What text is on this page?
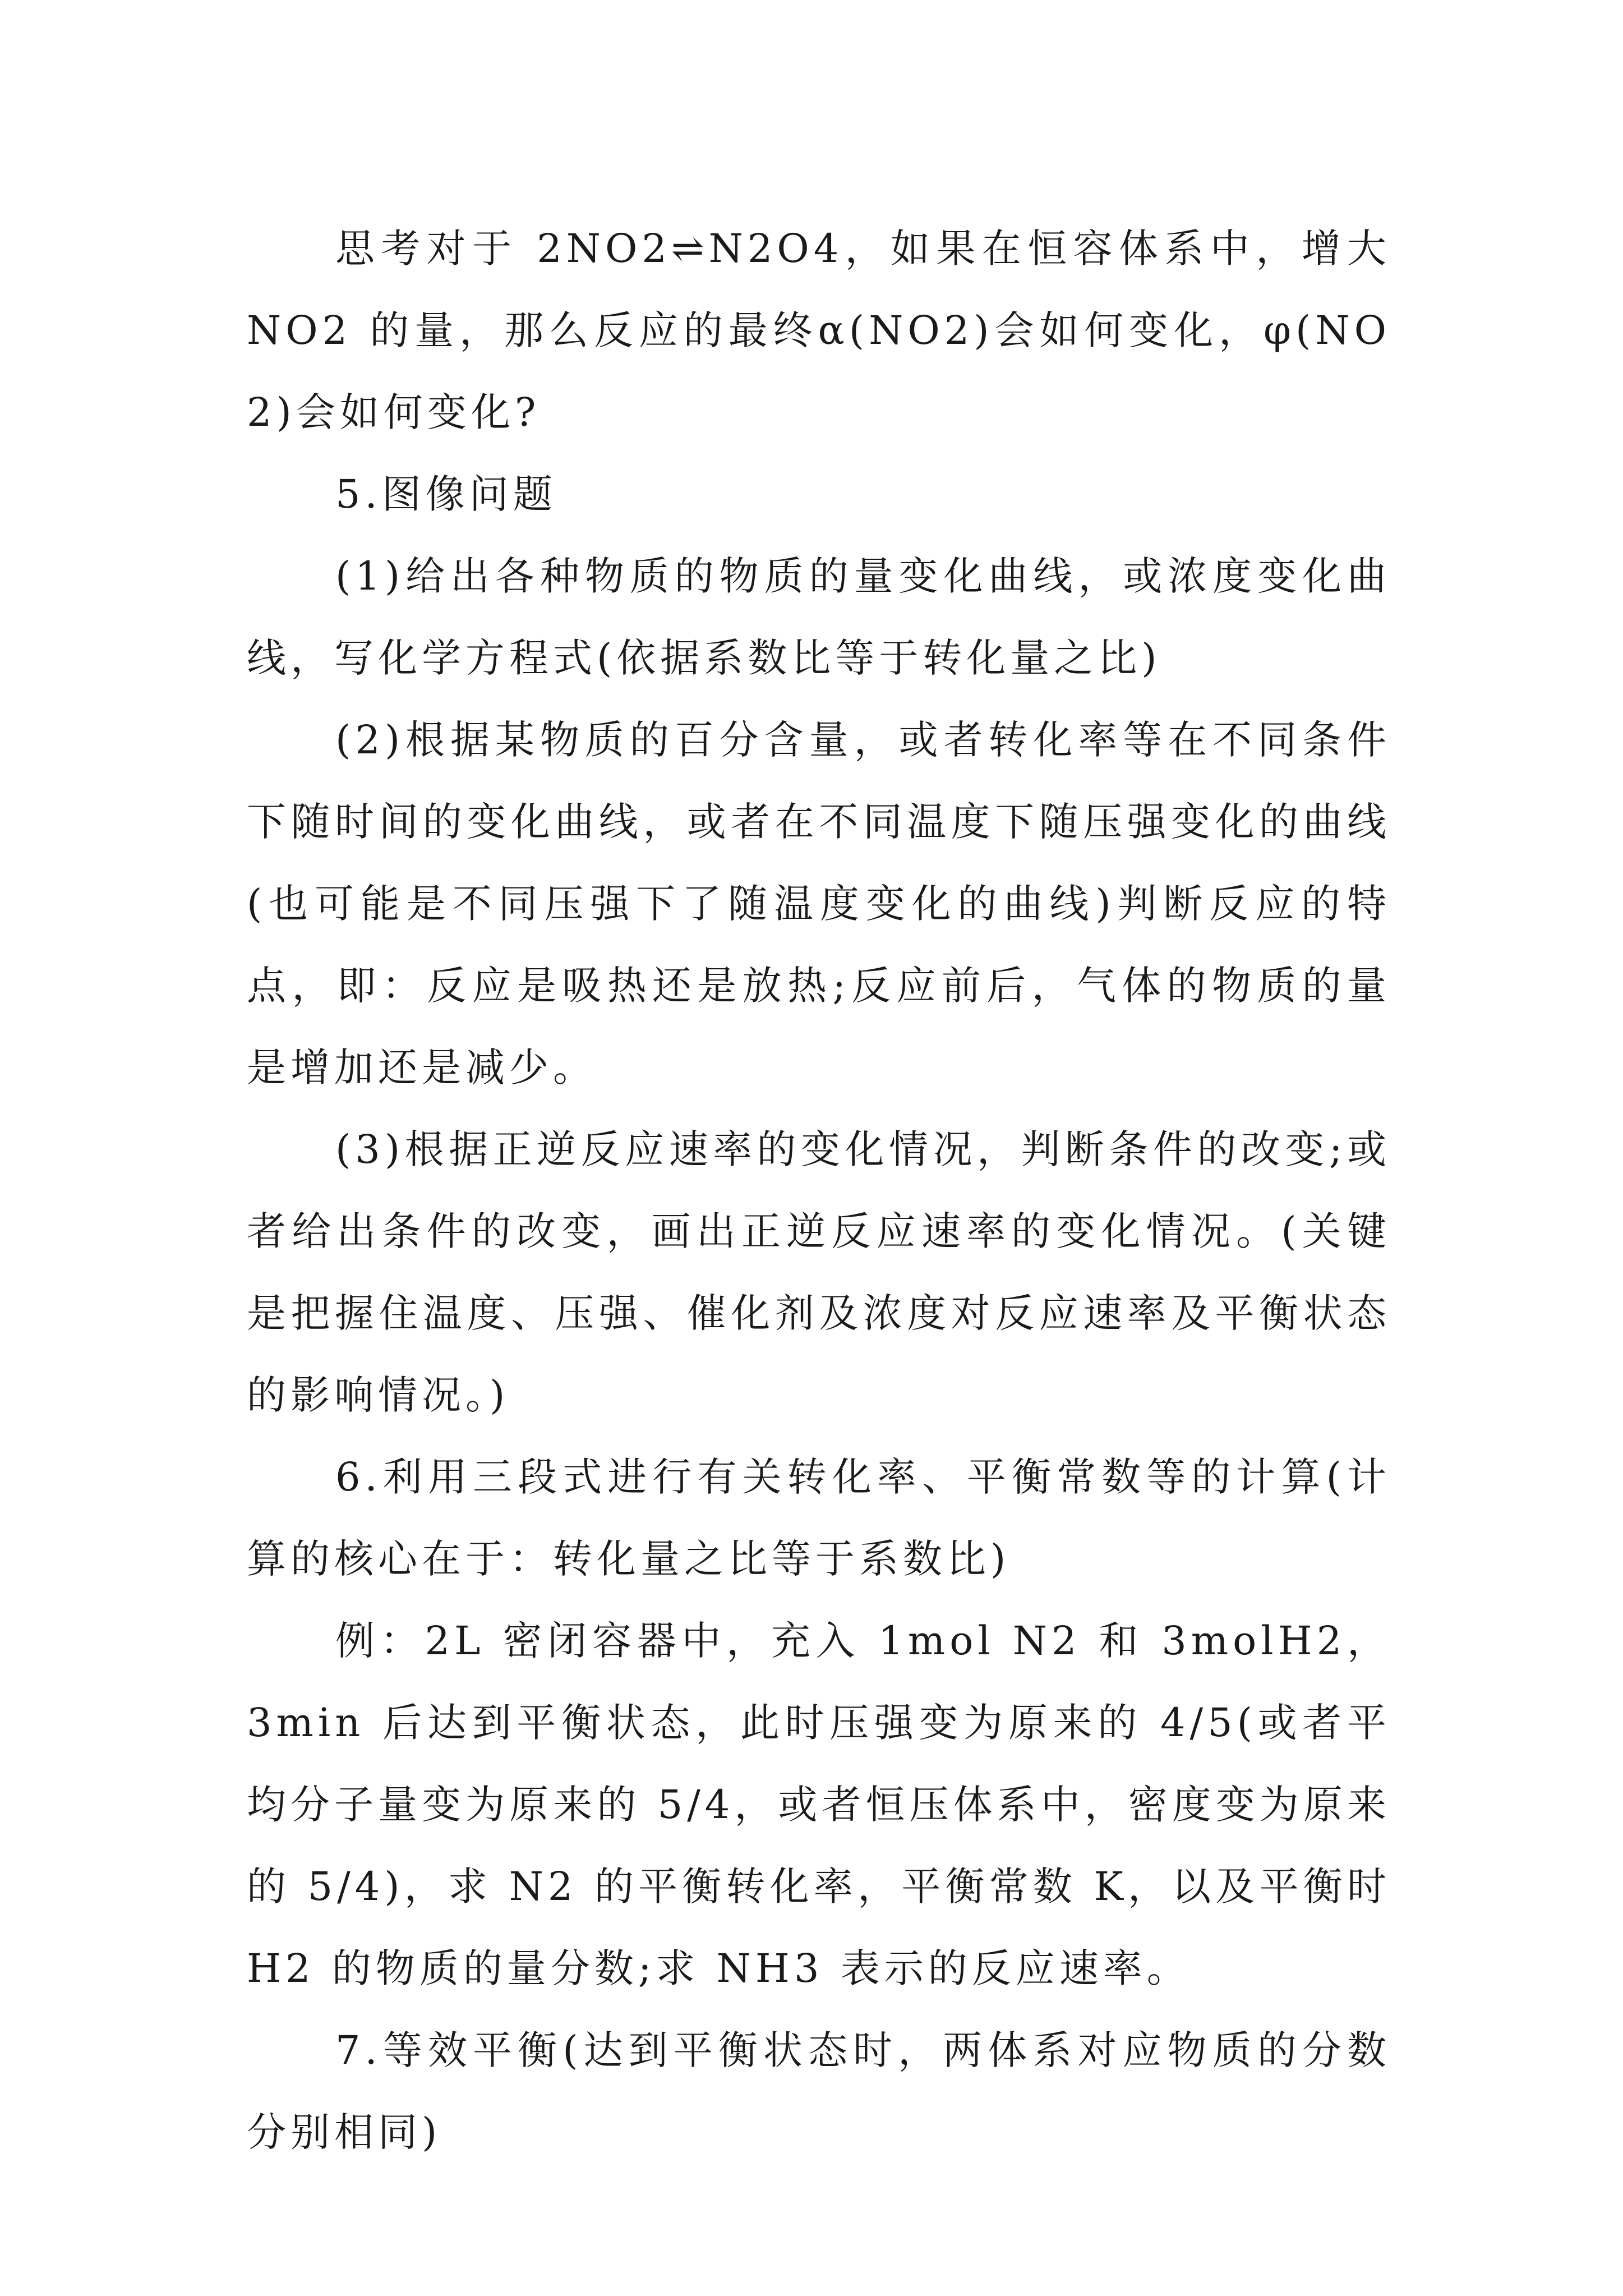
思考对于 2NO2⇌N2O4，如果在恒容体系中，增大 NO2 的量，那么反应的最终α(NO2)会如何变化，φ(NO2)会如何变化?

5.图像问题

(1)给出各种物质的物质的量变化曲线，或浓度变化曲线，写化学方程式(依据系数比等于转化量之比)

(2)根据某物质的百分含量，或者转化率等在不同条件下随时间的变化曲线，或者在不同温度下随压强变化的曲线(也可能是不同压强下了随温度变化的曲线)判断反应的特点，即：反应是吸热还是放热;反应前后，气体的物质的量是增加还是减少。

(3)根据正逆反应速率的变化情况，判断条件的改变;或者给出条件的改变，画出正逆反应速率的变化情况。(关键是把握住温度、压强、催化剂及浓度对反应速率及平衡状态的影响情况。)

6.利用三段式进行有关转化率、平衡常数等的计算(计算的核心在于：转化量之比等于系数比)

例：2L 密闭容器中，充入 1mol N2 和 3molH2，3min 后达到平衡状态，此时压强变为原来的 4/5(或者平均分子量变为原来的 5/4，或者恒压体系中，密度变为原来的 5/4)，求 N2 的平衡转化率，平衡常数 K，以及平衡时 H2 的物质的量分数;求 NH3 表示的反应速率。

7.等效平衡(达到平衡状态时，两体系对应物质的分数分别相同)
